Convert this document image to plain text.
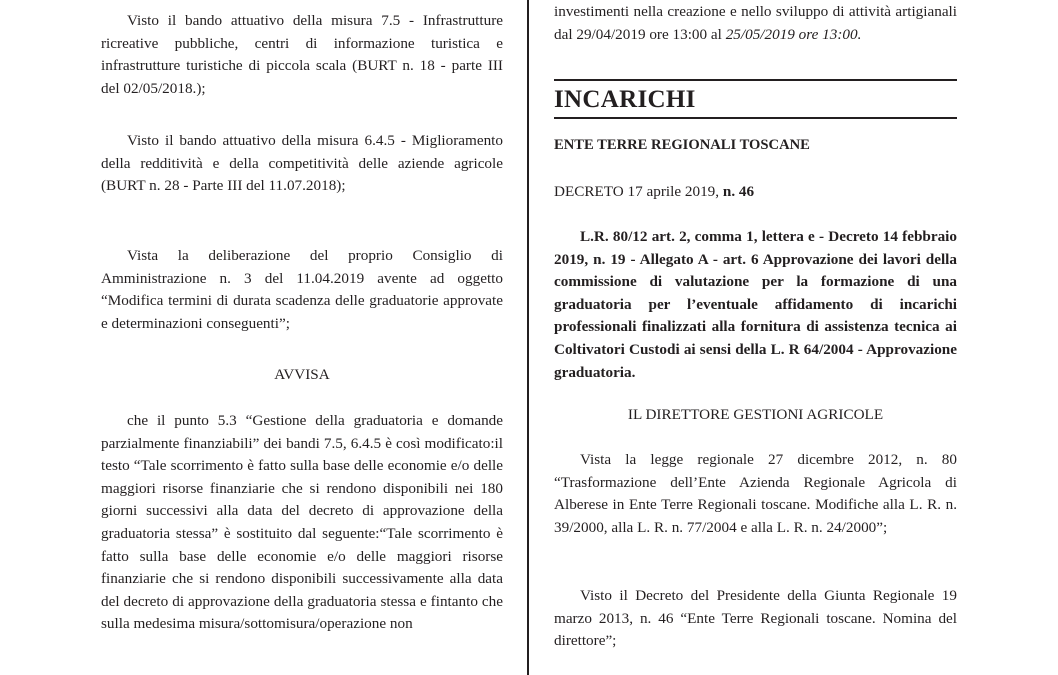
Visto il bando attuativo della misura 7.5 - Infrastrutture ricreative pubbliche, centri di informazione turistica e infrastrutture turistiche di piccola scala (BURT n. 18 - parte III del 02/05/2018.);

Visto il bando attuativo della misura 6.4.5 - Miglioramento della redditività e della competitività delle aziende agricole (BURT n. 28 - Parte III del 11.07.2018);

Vista la deliberazione del proprio Consiglio di Amministrazione n. 3 del 11.04.2019 avente ad oggetto “Modifica termini di durata scadenza delle graduatorie approvate e determinazioni conseguenti”;

AVVISA

che il punto 5.3 “Gestione della graduatoria e domande parzialmente finanziabili” dei bandi 7.5, 6.4.5 è così modificato:il testo “Tale scorrimento è fatto sulla base delle economie e/o delle maggiori risorse finanziarie che si rendono disponibili nei 180 giorni successivi alla data del decreto di approvazione della graduatoria stessa” è sostituito dal seguente:“Tale scorrimento è fatto sulla base delle economie e/o delle maggiori risorse finanziarie che si rendono disponibili successivamente alla data del decreto di approvazione della graduatoria stessa e fintanto che sulla medesima misura/sottomisura/operazione non

investimenti nella creazione e nello sviluppo di attività artigianali dal 29/04/2019 ore 13:00 al 25/05/2019 ore 13:00.

INCARICHI

ENTE TERRE REGIONALI TOSCANE

DECRETO 17 aprile 2019, n. 46

L.R. 80/12 art. 2, comma 1, lettera e - Decreto 14 febbraio 2019, n. 19 - Allegato A - art. 6 Approvazione dei lavori della commissione di valutazione per la formazione di una graduatoria per l’eventuale affidamento di incarichi professionali finalizzati alla fornitura di assistenza tecnica ai Coltivatori Custodi ai sensi della L. R 64/2004 - Approvazione graduatoria.

IL DIRETTORE GESTIONI AGRICOLE

Vista la legge regionale 27 dicembre 2012, n. 80 “Trasformazione dell’Ente Azienda Regionale Agricola di Alberese in Ente Terre Regionali toscane. Modifiche alla L. R. n. 39/2000, alla L. R. n. 77/2004 e alla L. R. n. 24/2000”;

Visto il Decreto del Presidente della Giunta Regionale 19 marzo 2013, n. 46 “Ente Terre Regionali toscane. Nomina del direttore”;
